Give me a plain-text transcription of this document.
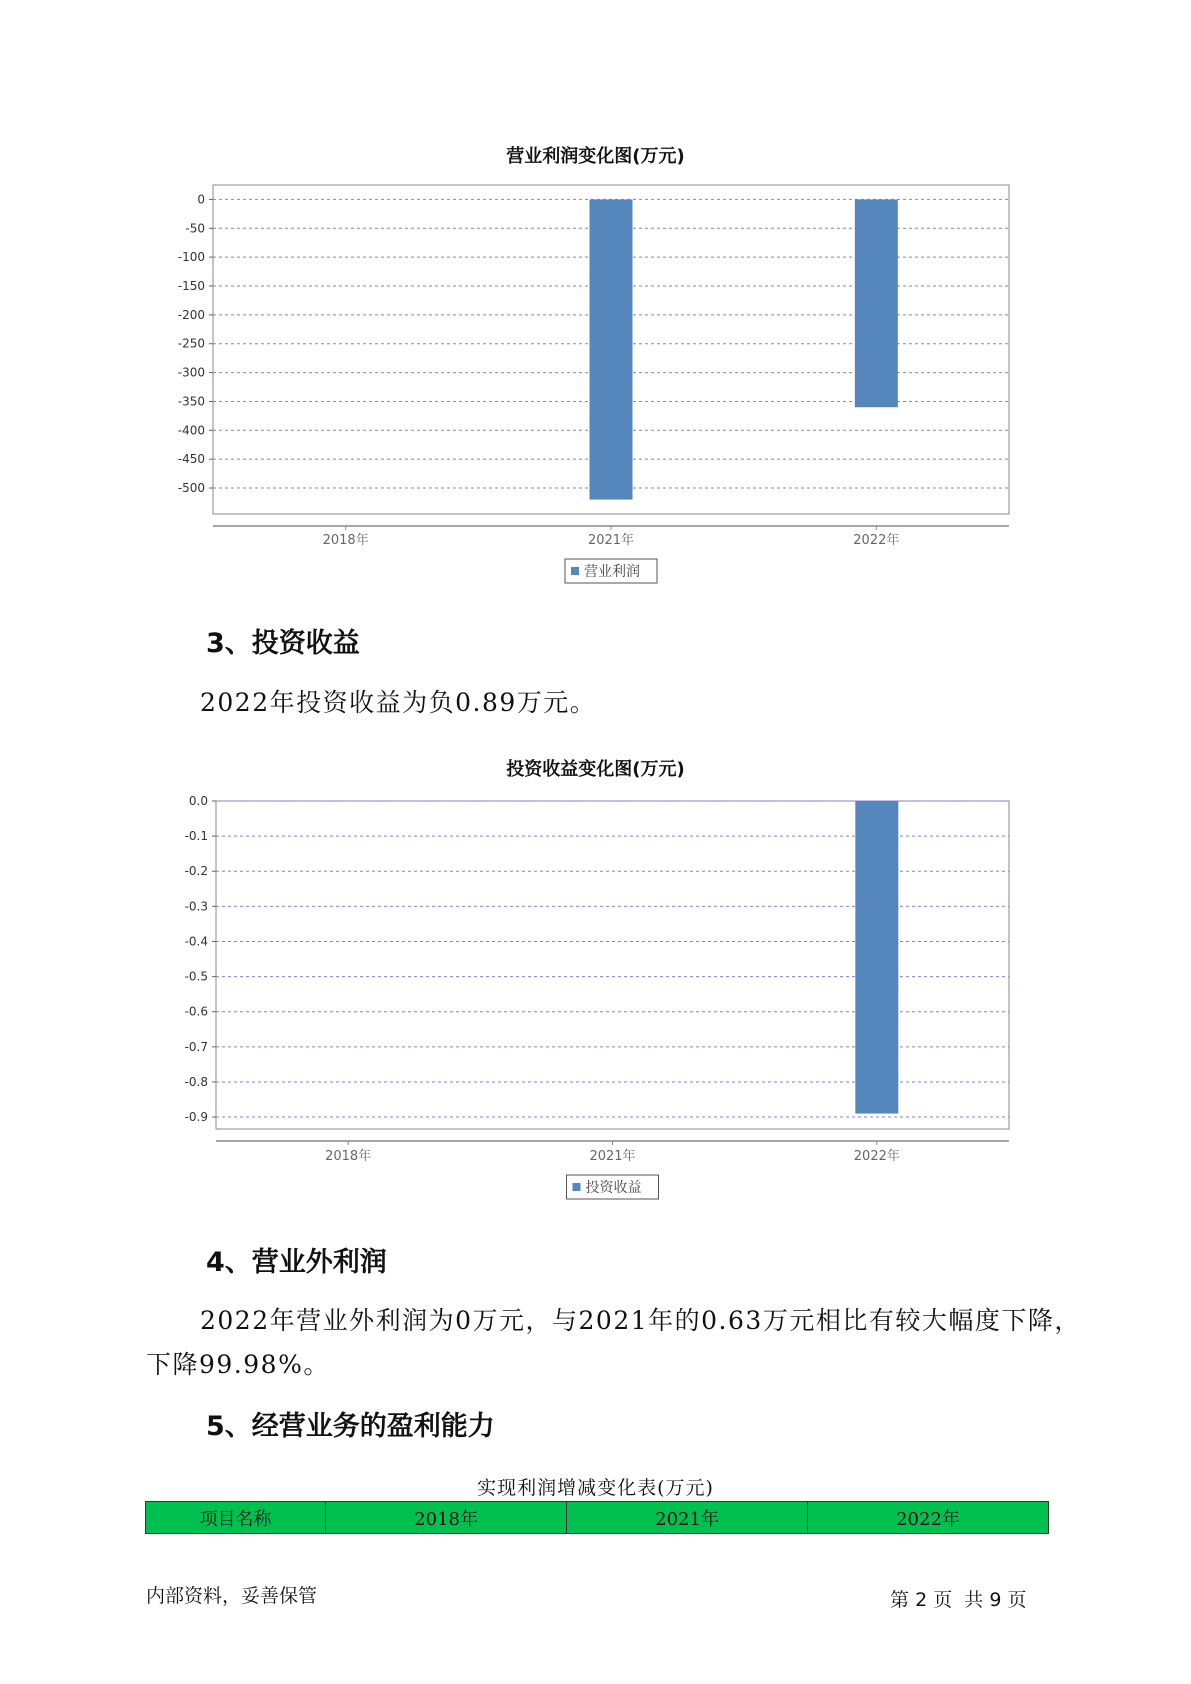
营业利润变化图(万元)
0
-50
-100
-150
-200
-250
-300
-350
-400
-450
-500
2018年	2021年	2022年
营业利润
3、投资收益
2022年投资收益为负0.89万元。
投资收益变化图(万元)
0.0
-0.1
-0.2
-0.3
-0.4
-0.5
-0.6
-0.7
-0.8
-0.9
2018年	2021年	2022年
投资收益
4、营业外利润
2022年营业外利润为0万元，与2021年的0.63万元相比有较大幅度下降，
下降99.98%。
5、经营业务的盈利能力
实现利润增减变化表(万元)
项目名称	2018年	2021年	2022年
内部资料，妥善保管	第 2 页  共 9 页
